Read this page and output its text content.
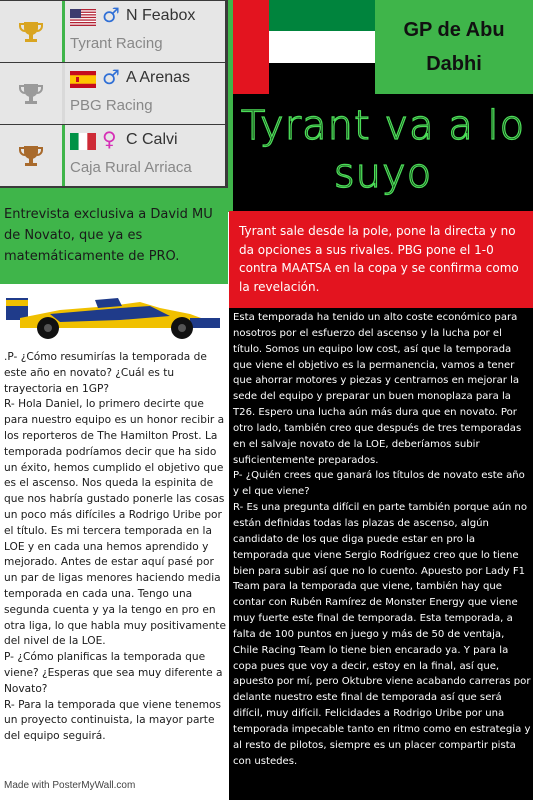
♂ N Feabox
Tyrant Racing
♂ A Arenas
PBG Racing
♀ C Calvi
Caja Rural Arriaca
Entrevista exclusiva a David MU de Novato, que ya es matemáticamente de PRO.

.P- ¿Cómo resumirías la temporada de este año en novato? ¿Cuál es tu trayectoria en 1GP?

R- Hola Daniel, lo primero decirte que para nuestro equipo es un honor recibir a los reporteros de The Hamilton Prost. La temporada podríamos decir que ha sido un éxito, hemos cumplido el objetivo que es el ascenso. Nos queda la espinita de que nos habría gustado ponerle las cosas un poco más difíciles a Rodrigo Uribe por el título. Es mi tercera temporada en la LOE y en cada una hemos aprendido y mejorado. Antes de estar aquí pasé por un par de ligas menores haciendo media temporada en cada una. Tengo una segunda cuenta y ya la tengo en pro en otra liga, lo que habla muy positivamente del nivel de la LOE.

P- ¿Cómo planificas la temporada que viene? ¿Esperas que sea muy diferente a Novato?

R- Para la temporada que viene tenemos un proyecto continuista, la mayor parte del equipo seguirá.

Made with PosterMyWall.com
GP de Abu Dabhi
Tyrant va a lo suyo
Tyrant sale desde la pole, pone la directa y no da opciones a sus rivales. PBG pone el 1-0 contra MAATSA en la copa y se confirma como la revelación.

Esta temporada ha tenido un alto coste económico para nosotros por el esfuerzo del ascenso y la lucha por el título. Somos un equipo low cost, así que la temporada que viene el objetivo es la permanencia, vamos a tener que ahorrar motores y piezas y centrarnos en mejorar la sede del equipo y preparar un buen monoplaza para la T26. Espero una lucha aún más dura que en novato. Por otro lado, también creo que después de tres temporadas en el salvaje novato de la LOE, deberíamos subir suficientemente preparados.

P- ¿Quién crees que ganará los títulos de novato este año y el que viene?

R- Es una pregunta difícil en parte también porque aún no están definidas todas las plazas de ascenso, algún candidato de los que diga puede estar en pro la temporada que viene Sergio Rodríguez creo que lo tiene bien para subir así que no lo cuento. Apuesto por Lady F1 Team para la temporada que viene, también hay que contar con Rubén Ramírez de Monster Energy que viene muy fuerte este final de temporada. Esta temporada, a falta de 100 puntos en juego y más de 50 de ventaja, Chile Racing Team lo tiene bien encarado ya. Y para la copa pues que voy a decir, estoy en la final, así que, apuesto por mí, pero Oktubre viene acabando carreras por delante nuestro este final de temporada así que será difícil, muy difícil. Felicidades a Rodrigo Uribe por una temporada impecable tanto en ritmo como en estrategia y al resto de pilotos, siempre es un placer compartir pista con ustedes.
